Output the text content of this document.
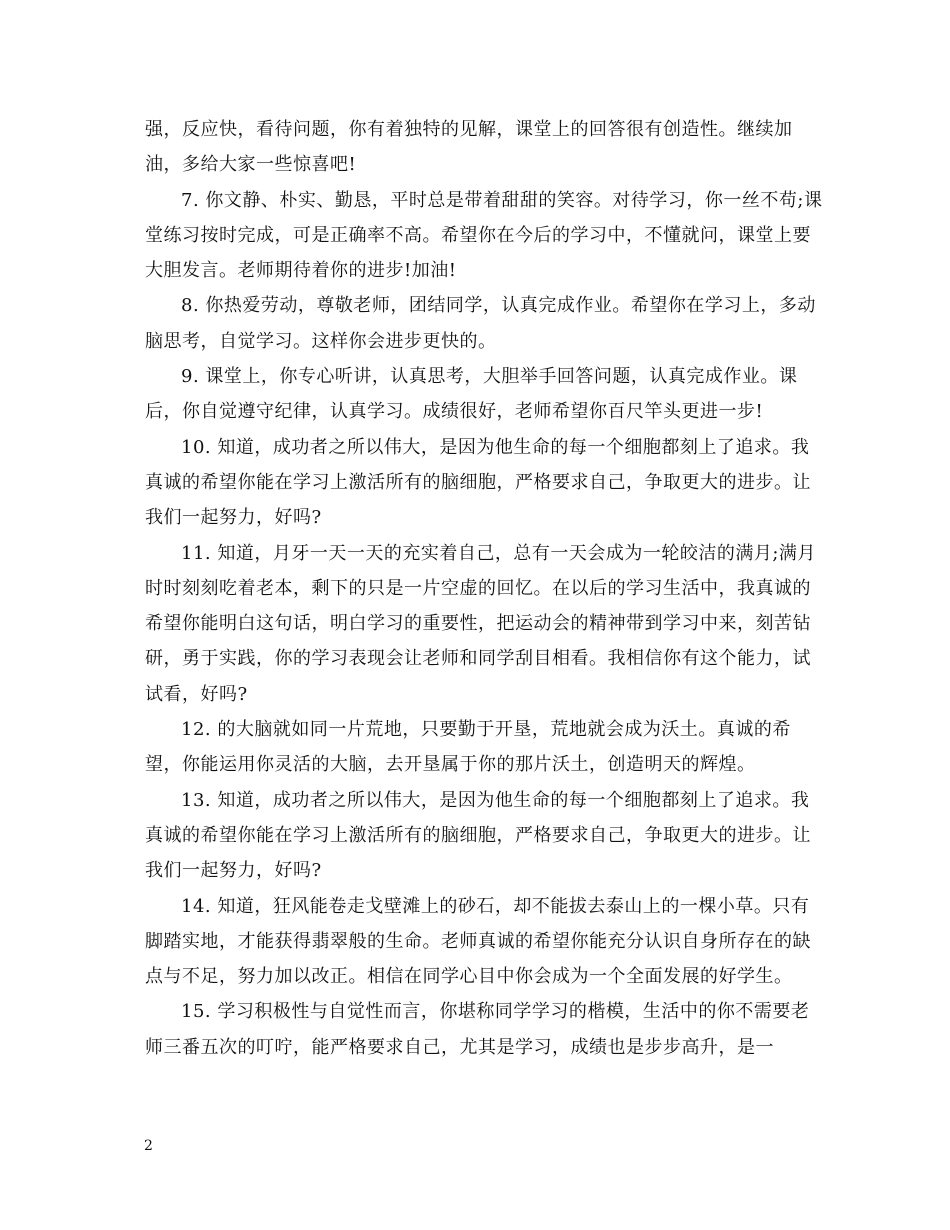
强，反应快，看待问题，你有着独特的见解，课堂上的回答很有创造性。继续加油，多给大家一些惊喜吧!

7. 你文静、朴实、勤恳，平时总是带着甜甜的笑容。对待学习，你一丝不苟;课堂练习按时完成，可是正确率不高。希望你在今后的学习中，不懂就问，课堂上要大胆发言。老师期待着你的进步!加油!

8. 你热爱劳动，尊敬老师，团结同学，认真完成作业。希望你在学习上，多动脑思考，自觉学习。这样你会进步更快的。

9. 课堂上，你专心听讲，认真思考，大胆举手回答问题，认真完成作业。课后，你自觉遵守纪律，认真学习。成绩很好，老师希望你百尺竿头更进一步!

10. 知道，成功者之所以伟大，是因为他生命的每一个细胞都刻上了追求。我真诚的希望你能在学习上激活所有的脑细胞，严格要求自己，争取更大的进步。让我们一起努力，好吗?

11. 知道，月牙一天一天的充实着自己，总有一天会成为一轮皎洁的满月;满月时时刻刻吃着老本，剩下的只是一片空虚的回忆。在以后的学习生活中，我真诚的希望你能明白这句话，明白学习的重要性，把运动会的精神带到学习中来，刻苦钻研，勇于实践，你的学习表现会让老师和同学刮目相看。我相信你有这个能力，试试看，好吗?

12. 的大脑就如同一片荒地，只要勤于开垦，荒地就会成为沃土。真诚的希望，你能运用你灵活的大脑，去开垦属于你的那片沃土，创造明天的辉煌。

13. 知道，成功者之所以伟大，是因为他生命的每一个细胞都刻上了追求。我真诚的希望你能在学习上激活所有的脑细胞，严格要求自己，争取更大的进步。让我们一起努力，好吗?

14. 知道，狂风能卷走戈壁滩上的砂石，却不能拔去泰山上的一棵小草。只有脚踏实地，才能获得翡翠般的生命。老师真诚的希望你能充分认识自身所存在的缺点与不足，努力加以改正。相信在同学心目中你会成为一个全面发展的好学生。

15. 学习积极性与自觉性而言，你堪称同学学习的楷模，生活中的你不需要老师三番五次的叮咛，能严格要求自己，尤其是学习，成绩也是步步高升，是一

2
